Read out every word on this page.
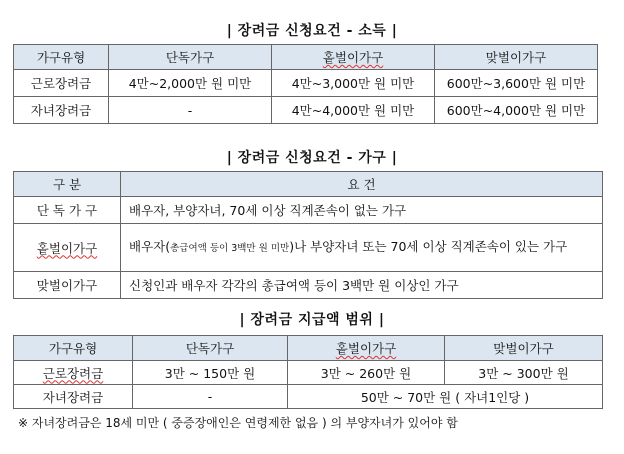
| 장려금 신청요건 - 소득 |
가구유형	단독가구	홑벌이가구	맞벌이가구
근로장려금	4만~2,000만 원 미만	4만~3,000만 원 미만	600만~3,600만 원 미만
자녀장려금	-	4만~4,000만 원 미만	600만~4,000만 원 미만
| 장려금 신청요건 - 가구 |
구 분	요 건
단 독 가 구	배우자, 부양자녀, 70세 이상 직계존속이 없는 가구
홑벌이가구	배우자(총급여액 등이 3백만 원 미만)나 부양자녀 또는 70세 이상 직계존속이 있는 가구
맞벌이가구	신청인과 배우자 각각의 총급여액 등이 3백만 원 이상인 가구
| 장려금 지급액 범위 |
가구유형	단독가구	홑벌이가구	맞벌이가구
근로장려금	3만 ~ 150만 원	3만 ~ 260만 원	3만 ~ 300만 원
자녀장려금	-	50만 ~ 70만 원 ( 자녀1인당 )	
※ 자녀장려금은 18세 미만 ( 중증장애인은 연령제한 없음 ) 의 부양자녀가 있어야 함
